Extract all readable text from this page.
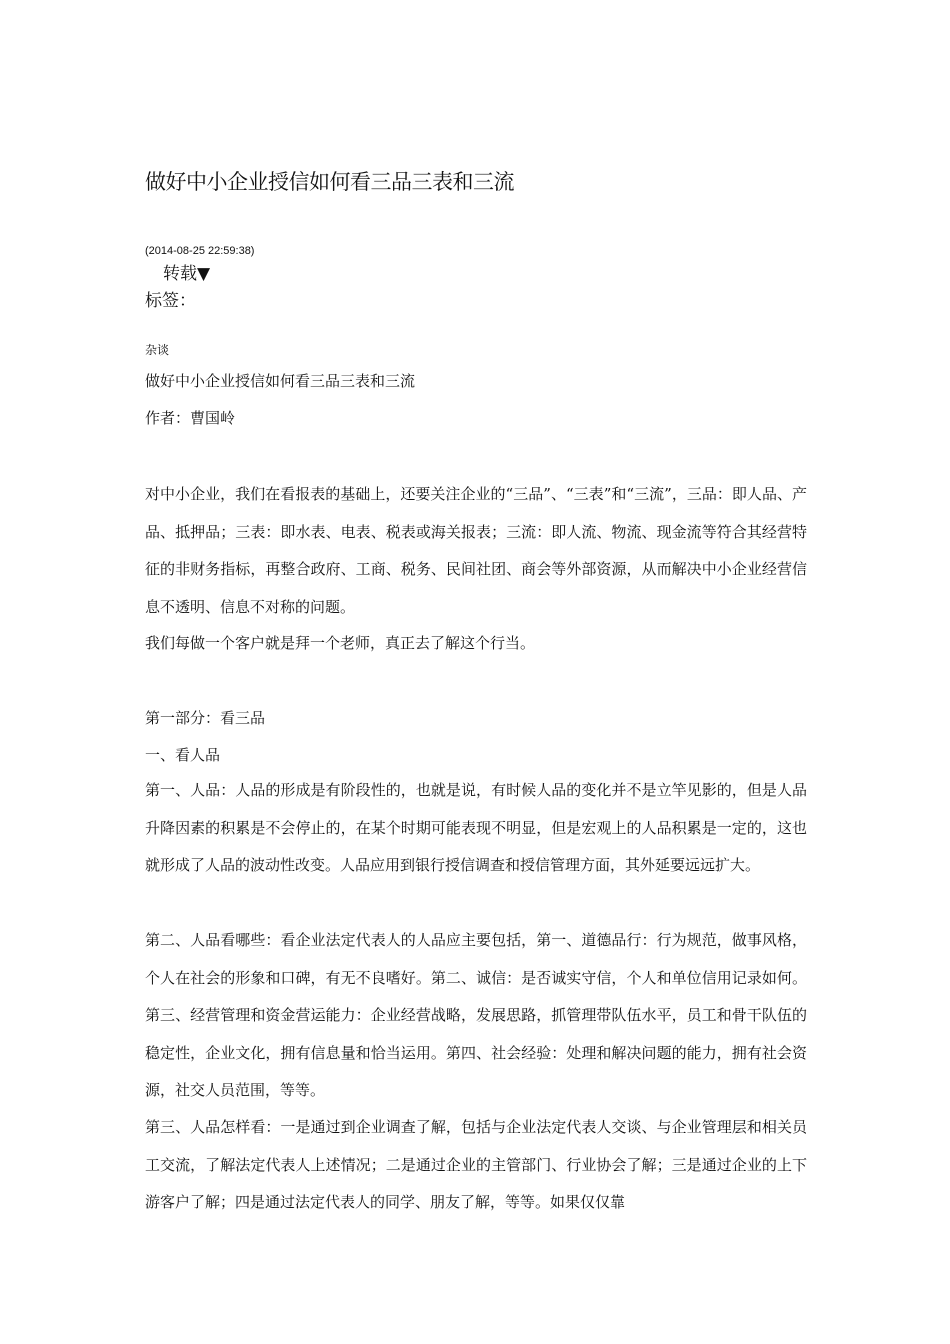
做好中小企业授信如何看三品三表和三流
(2014-08-25 22:59:38)
转载▼
标签：
杂谈
做好中小企业授信如何看三品三表和三流
作者：曹国岭

对中小企业，我们在看报表的基础上，还要关注企业的“三品”、“三表”和“三流”，三品：即人品、产品、抵押品；三表：即水表、电表、税表或海关报表；三流：即人流、物流、现金流等符合其经营特征的非财务指标，再整合政府、工商、税务、民间社团、商会等外部资源，从而解决中小企业经营信息不透明、信息不对称的问题。

我们每做一个客户就是拜一个老师，真正去了解这个行当。
第一部分：看三品
一、看人品

第一、人品：人品的形成是有阶段性的，也就是说，有时候人品的变化并不是立竿见影的，但是人品升降因素的积累是不会停止的，在某个时期可能表现不明显，但是宏观上的人品积累是一定的，这也就形成了人品的波动性改变。人品应用到银行授信调查和授信管理方面，其外延要远远扩大。

第二、人品看哪些：看企业法定代表人的人品应主要包括，第一、道德品行：行为规范，做事风格，个人在社会的形象和口碑，有无不良嗜好。第二、诚信：是否诚实守信，个人和单位信用记录如何。第三、经营管理和资金营运能力：企业经营战略，发展思路，抓管理带队伍水平，员工和骨干队伍的稳定性，企业文化，拥有信息量和恰当运用。第四、社会经验：处理和解决问题的能力，拥有社会资源，社交人员范围，等等。

第三、人品怎样看：一是通过到企业调查了解，包括与企业法定代表人交谈、与企业管理层和相关员工交流，了解法定代表人上述情况；二是通过企业的主管部门、行业协会了解；三是通过企业的上下游客户了解；四是通过法定代表人的同学、朋友了解，等等。如果仅仅靠
